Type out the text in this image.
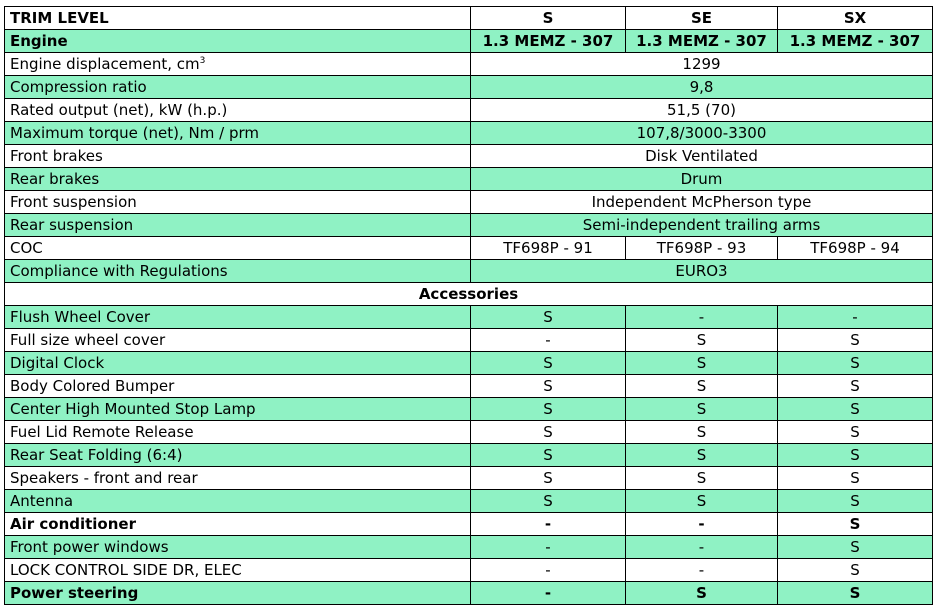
TRIM LEVEL	S	SE	SX
Engine	1.3 MEMZ - 307	1.3 MEMZ - 307	1.3 MEMZ - 307
Engine displacement, $cm^3$	1299		
Compression ratio	9,8		
Rated output (net), kW (h.p.)	51,5 (70)		
Maximum torque (net), Nm / prm	107,8/3000-3300		
Front brakes	Disk Ventilated		
Rear brakes	Drum		
Front suspension	Independent McPherson type		
Rear suspension	Semi-independent trailing arms		
COC	TF698P - 91	TF698P - 93	TF698P - 94
Compliance with Regulations	EURO3		
Accessories			
Flush Wheel Cover	S	-	-
Full size wheel cover	-	S	S
Digital Clock	S	S	S
Body Colored Bumper	S	S	S
Center High Mounted Stop Lamp	S	S	S
Fuel Lid Remote Release	S	S	S
Rear Seat Folding (6:4)	S	S	S
Speakers - front and rear	S	S	S
Antenna	S	S	S
Air conditioner	-	-	S
Front power windows	-	-	S
LOCK CONTROL SIDE DR, ELEC	-	-	S
Power steering	-	S	S
